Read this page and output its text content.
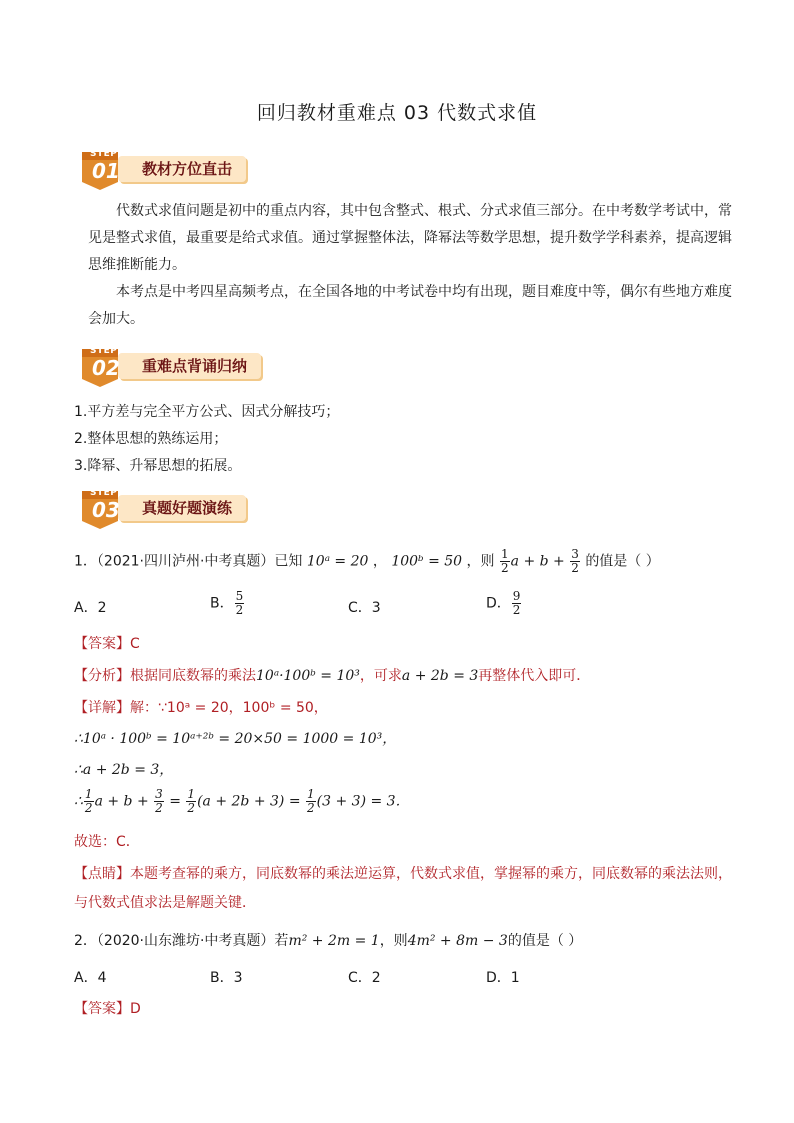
回归教材重难点 03 代数式求值
教材方位直击
STEP
01

代数式求值问题是初中的重点内容，其中包含整式、根式、分式求值三部分。在中考数学考试中，常见是整式求值，最重要是给式求值。通过掌握整体法，降幂法等数学思想，提升数学学科素养，提高逻辑思维推断能力。

本考点是中考四星高频考点，在全国各地的中考试卷中均有出现，题目难度中等，偶尔有些地方难度会加大。

重难点背诵归纳
STEP
02
1.平方差与完全平方公式、因式分解技巧；
2.整体思想的熟练运用；
3.降幂、升幂思想的拓展。
真题好题演练
STEP
03
1．（2021·四川泸州·中考真题）已知 10ᵃ = 20 ， 100ᵇ = 50 ，则 $\frac{1}{2}$ $a + b + \frac{3}{2}$ 的值是（ ）
A．2	B． $\frac{5}{2}$	C．3	D． $\frac{9}{2}$
【答案】C
【分析】根据同底数幂的乘法10ᵃ·100ᵇ = 10³，可求a + 2b = 3再整体代入即可．
【详解】解：∵10ᵃ = 20，100ᵇ = 50，
∴10ᵃ · 100ᵇ = 10ᵃ⁺²ᵇ = 20×50 = 1000 = 10³，
∴a + 2b = 3，
∴ $\frac{1}{2}$ $a + b + \frac{3}{2} = \frac{1}{2} (a + 2b + 3) = \frac{1}{2} (3 + 3) = 3$．
故选：C．
【点睛】本题考查幂的乘方，同底数幂的乘法逆运算，代数式求值，掌握幂的乘方，同底数幂的乘法法则，
与代数式值求法是解题关键．
2．（2020·山东潍坊·中考真题）若m² + 2m = 1，则4m² + 8m − 3的值是（ ）
A．4	B．3	C．2	D．1
【答案】D
